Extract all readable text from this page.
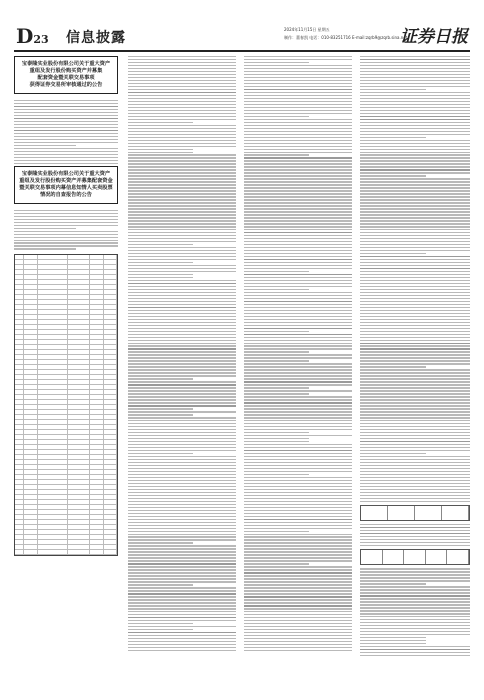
D23 信息披露
2024年11月15日 星期五
制作：董春凯 电话：010-83251716 E-mail:zqrb9@zqrb.sina.net
证券日报

宝泰隆实业股份有限公司关于重大资产
重组及发行股份购买资产并募集
配套资金暨关联交易事项
获得证券交易所审核通过的公告

宝泰隆实业股份有限公司关于重大资产
重组及发行股份购买资产并募集配套资金
暨关联交易事项内幕信息知情人买卖股票
情况的自查报告的公告
